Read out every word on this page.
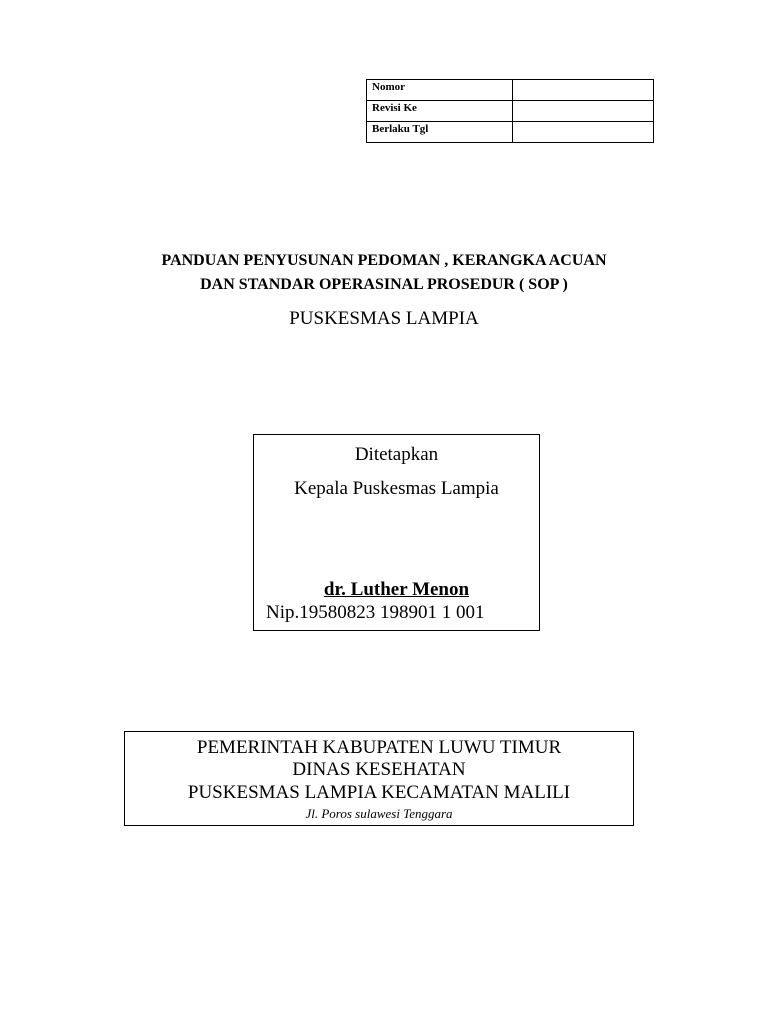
Nomor	
Revisi Ke	
Berlaku Tgl	
PANDUAN PENYUSUNAN PEDOMAN , KERANGKA ACUAN
DAN STANDAR OPERASINAL PROSEDUR ( SOP )
PUSKESMAS LAMPIA
Ditetapkan
Kepala Puskesmas Lampia
dr. Luther Menon
Nip.19580823 198901 1 001
PEMERINTAH KABUPATEN LUWU TIMUR
DINAS KESEHATAN
PUSKESMAS LAMPIA KECAMATAN MALILI
Jl. Poros sulawesi Tenggara
